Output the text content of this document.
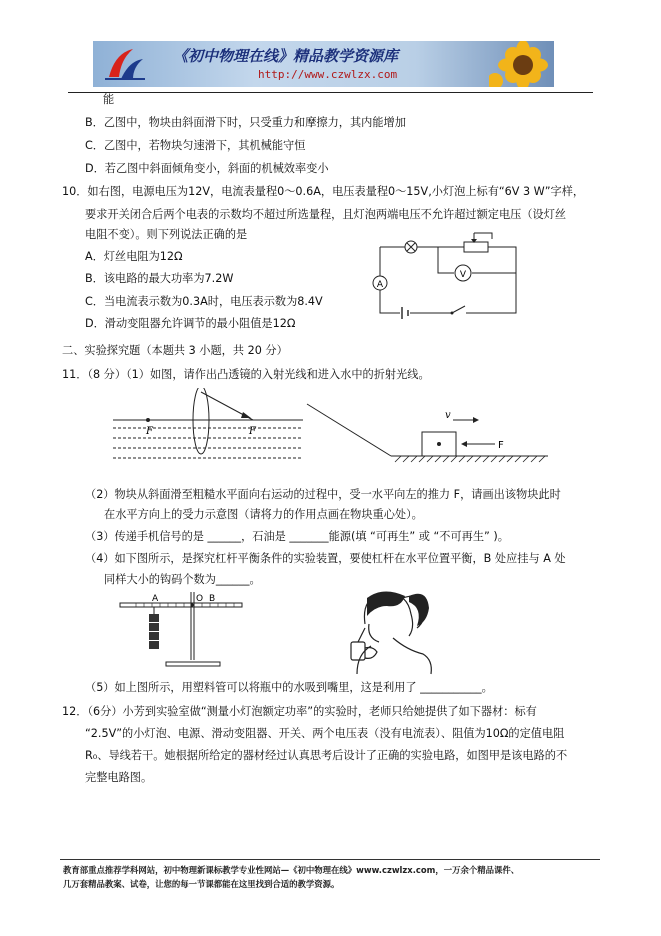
《初中物理在线》精品教学资源库
http://www.czwlzx.com
能
B．乙图中，物块由斜面滑下时，只受重力和摩擦力，其内能增加
C．乙图中，若物块匀速滑下，其机械能守恒
D．若乙图中斜面倾角变小，斜面的机械效率变小
10．如右图，电源电压为12V，电流表量程0～0.6A，电压表量程0～15V,小灯泡上标有“6V 3 W”字样，
要求开关闭合后两个电表的示数均不超过所选量程，且灯泡两端电压不允许超过额定电压（设灯丝
电阻不变）。则下列说法正确的是
A．灯丝电阻为12Ω
B．该电路的最大功率为7.2W
C．当电流表示数为0.3A时，电压表示数为8.4V
D．滑动变阻器允许调节的最小阻值是12Ω
A
V
二、实验探究题（本题共 3 小题，共 20 分）
11．（8 分）（1）如图，请作出凸透镜的入射光线和进入水中的折射光线。
F	F
v
F
（2）物块从斜面滑至粗糙水平面向右运动的过程中，受一水平向左的推力 F，请画出该物块此时
在水平方向上的受力示意图（请将力的作用点画在物块重心处）。
（3）传递手机信号的是 ______，石油是 _______能源(填 “可再生” 或 “不可再生” )。
（4）如下图所示，是探究杠杆平衡条件的实验装置，要使杠杆在水平位置平衡，B 处应挂与 A 处
同样大小的钩码个数为______。
A	O B
（5）如上图所示，用塑料管可以将瓶中的水吸到嘴里，这是利用了 ___________。
12．（6分）小芳到实验室做“测量小灯泡额定功率”的实验时，老师只给她提供了如下器材：标有
“2.5V”的小灯泡、电源、滑动变阻器、开关、两个电压表（没有电流表）、阻值为10Ω的定值电阻
R₀、导线若干。她根据所给定的器材经过认真思考后设计了正确的实验电路，如图甲是该电路的不
完整电路图。
教育部重点推荐学科网站，初中物理新课标教学专业性网站—《初中物理在线》www.czwlzx.com，一万余个精品课件、
几万套精品教案、试卷，让您的每一节课都能在这里找到合适的教学资源。
